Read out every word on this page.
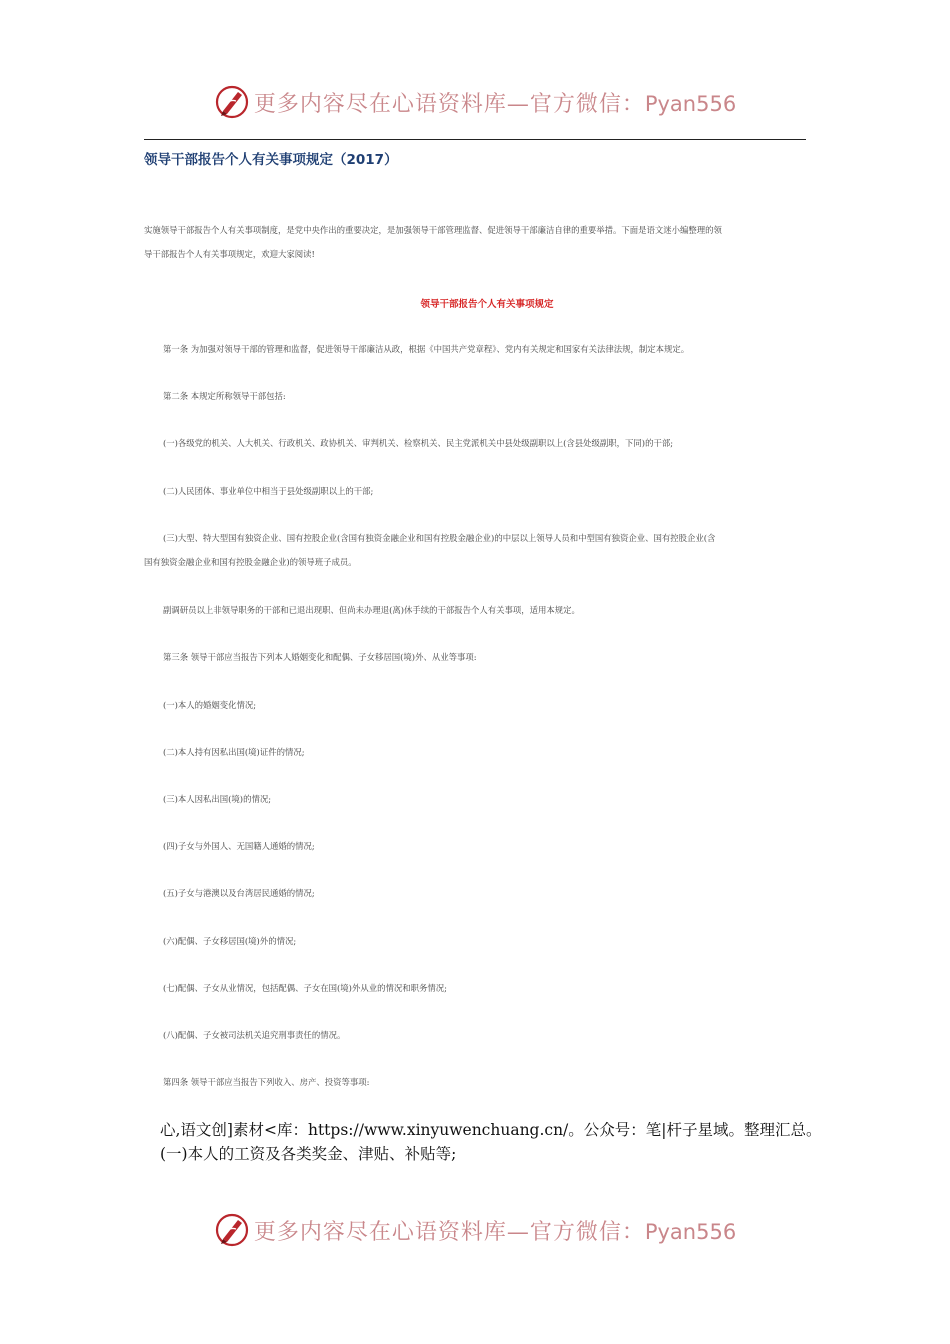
更多内容尽在心语资料库—官方微信：Pyan556
领导干部报告个人有关事项规定（2017）
实施领导干部报告个人有关事项制度，是党中央作出的重要决定，是加强领导干部管理监督、促进领导干部廉洁自律的重要举措。下面是语文迷小编整理的领
导干部报告个人有关事项规定，欢迎大家阅读!
领导干部报告个人有关事项规定
第一条 为加强对领导干部的管理和监督，促进领导干部廉洁从政，根据《中国共产党章程》、党内有关规定和国家有关法律法规，制定本规定。
第二条 本规定所称领导干部包括:
(一)各级党的机关、人大机关、行政机关、政协机关、审判机关、检察机关、民主党派机关中县处级副职以上(含县处级副职，下同)的干部;
(二)人民团体、事业单位中相当于县处级副职以上的干部;
(三)大型、特大型国有独资企业、国有控股企业(含国有独资金融企业和国有控股金融企业)的中层以上领导人员和中型国有独资企业、国有控股企业(含
国有独资金融企业和国有控股金融企业)的领导班子成员。
副调研员以上非领导职务的干部和已退出现职、但尚未办理退(离)休手续的干部报告个人有关事项，适用本规定。
第三条 领导干部应当报告下列本人婚姻变化和配偶、子女移居国(境)外、从业等事项:
(一)本人的婚姻变化情况;
(二)本人持有因私出国(境)证件的情况;
(三)本人因私出国(境)的情况;
(四)子女与外国人、无国籍人通婚的情况;
(五)子女与港澳以及台湾居民通婚的情况;
(六)配偶、子女移居国(境)外的情况;
(七)配偶、子女从业情况，包括配偶、子女在国(境)外从业的情况和职务情况;
(八)配偶、子女被司法机关追究刑事责任的情况。
第四条 领导干部应当报告下列收入、房产、投资等事项:
心,语文创]素材<库：https://www.xinyuwenchuang.cn/。公众号：笔|杆子星域。整理汇总。
(一)本人的工资及各类奖金、津贴、补贴等;
更多内容尽在心语资料库—官方微信：Pyan556
